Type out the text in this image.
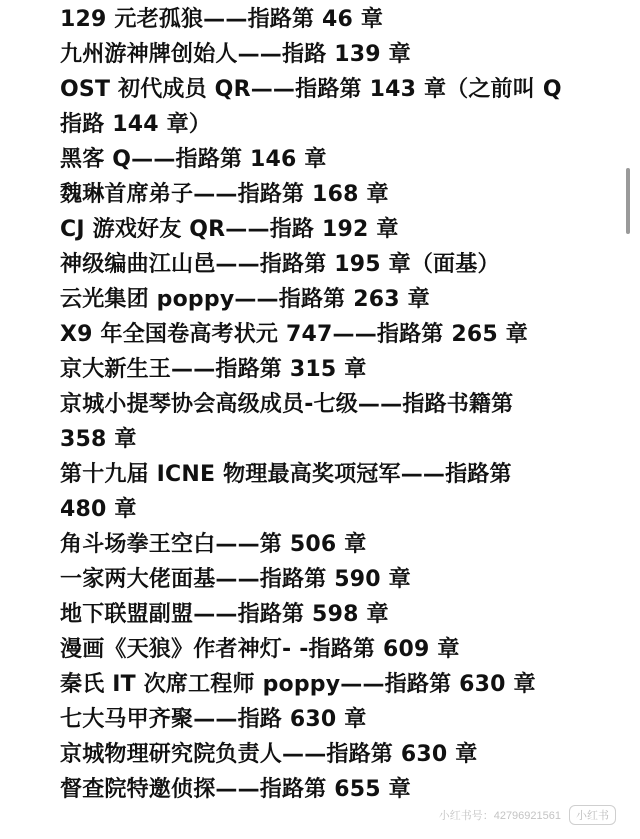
129 元老孤狼——指路第 46 章
九州游神牌创始人——指路 139 章
OST 初代成员 QR——指路第 143 章（之前叫 Q
指路 144 章）
黑客 Q——指路第 146 章
魏琳首席弟子——指路第 168 章
CJ 游戏好友 QR——指路 192 章
神级编曲江山邑——指路第 195 章（面基）
云光集团 poppy——指路第 263 章
X9 年全国卷高考状元 747——指路第 265 章
京大新生王——指路第 315 章
京城小提琴协会高级成员-七级——指路书籍第
358 章
第十九届 ICNE 物理最高奖项冠军——指路第
480 章
角斗场拳王空白——第 506 章
一家两大佬面基——指路第 590 章
地下联盟副盟——指路第 598 章
漫画《天狼》作者神灯- -指路第 609 章
秦氏 IT 次席工程师 poppy——指路第 630 章
七大马甲齐聚——指路 630 章
京城物理研究院负责人——指路第 630 章
督查院特邀侦探——指路第 655 章
小红书号：427969215​61	小红书
